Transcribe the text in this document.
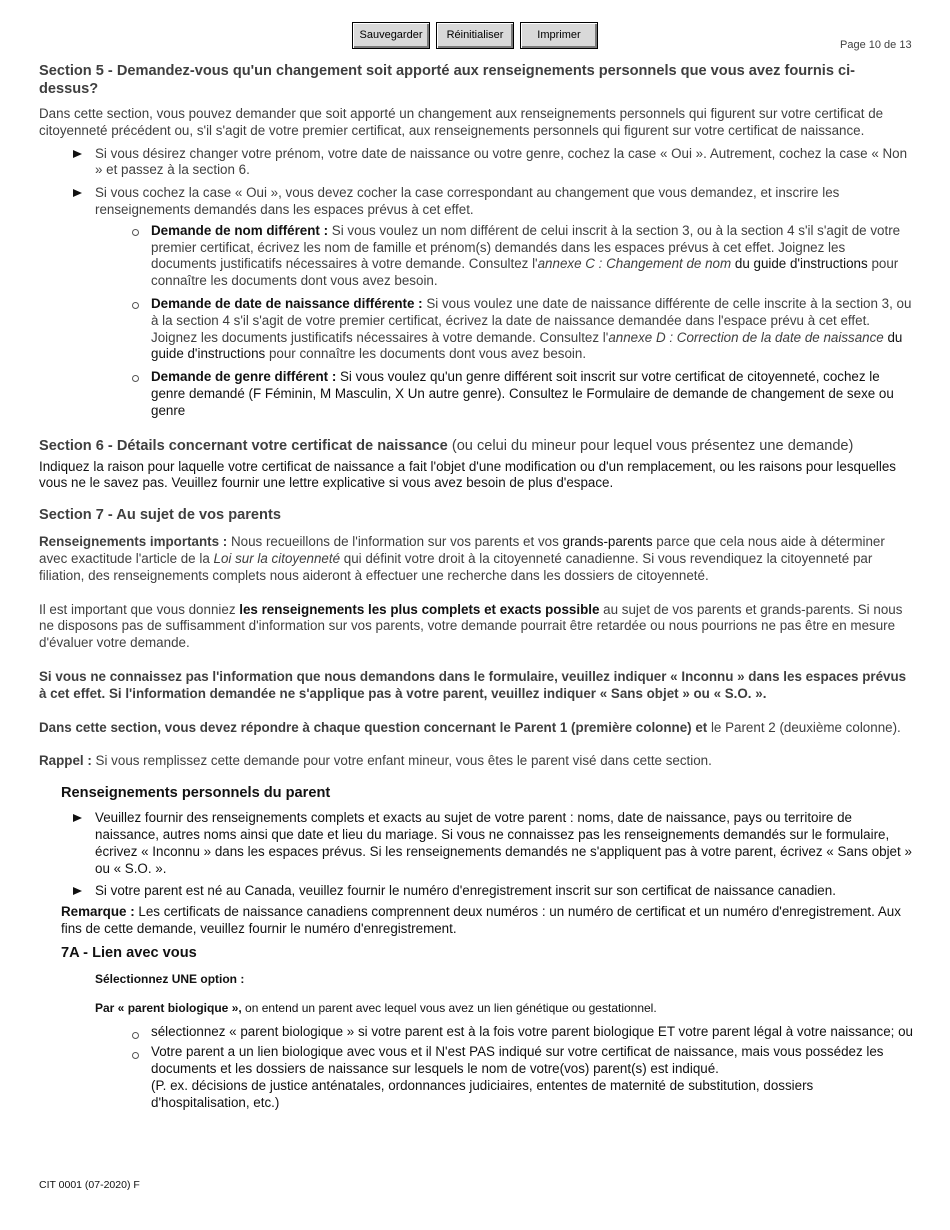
Sauvegarder	Réinitialiser	Imprimer
Page 10 de 13
Section 5 - Demandez-vous qu'un changement soit apporté aux renseignements personnels que vous avez fournis ci-dessus?

Dans cette section, vous pouvez demander que soit apporté un changement aux renseignements personnels qui figurent sur votre certificat de citoyenneté précédent ou, s'il s'agit de votre premier certificat, aux renseignements personnels qui figurent sur votre certificat de naissance.

Si vous désirez changer votre prénom, votre date de naissance ou votre genre, cochez la case « Oui ». Autrement, cochez la case « Non » et passez à la section 6.
Si vous cochez la case « Oui », vous devez cocher la case correspondant au changement que vous demandez, et inscrire les renseignements demandés dans les espaces prévus à cet effet.
Demande de nom différent : Si vous voulez un nom différent de celui inscrit à la section 3, ou à la section 4 s'il s'agit de votre premier certificat, écrivez les nom de famille et prénom(s) demandés dans les espaces prévus à cet effet. Joignez les documents justificatifs nécessaires à votre demande. Consultez l'annexe C : Changement de nom du guide d'instructions pour connaître les documents dont vous avez besoin.
Demande de date de naissance différente : Si vous voulez une date de naissance différente de celle inscrite à la section 3, ou à la section 4 s'il s'agit de votre premier certificat, écrivez la date de naissance demandée dans l'espace prévu à cet effet. Joignez les documents justificatifs nécessaires à votre demande. Consultez l'annexe D : Correction de la date de naissance du guide d'instructions pour connaître les documents dont vous avez besoin.
Demande de genre différent : Si vous voulez qu'un genre différent soit inscrit sur votre certificat de citoyenneté, cochez le genre demandé (F Féminin, M Masculin, X Un autre genre). Consultez le Formulaire de demande de changement de sexe ou genre
Section 6 - Détails concernant votre certificat de naissance (ou celui du mineur pour lequel vous présentez une demande)

Indiquez la raison pour laquelle votre certificat de naissance a fait l'objet d'une modification ou d'un remplacement, ou les raisons pour lesquelles vous ne le savez pas. Veuillez fournir une lettre explicative si vous avez besoin de plus d'espace.

Section 7 - Au sujet de vos parents

Renseignements importants : Nous recueillons de l'information sur vos parents et vos grands-parents parce que cela nous aide à déterminer avec exactitude l'article de la Loi sur la citoyenneté qui définit votre droit à la citoyenneté canadienne. Si vous revendiquez la citoyenneté par filiation, des renseignements complets nous aideront à effectuer une recherche dans les dossiers de citoyenneté.

Il est important que vous donniez les renseignements les plus complets et exacts possible au sujet de vos parents et grands-parents. Si nous ne disposons pas de suffisamment d'information sur vos parents, votre demande pourrait être retardée ou nous pourrions ne pas être en mesure d'évaluer votre demande.

Si vous ne connaissez pas l'information que nous demandons dans le formulaire, veuillez indiquer « Inconnu » dans les espaces prévus à cet effet. Si l'information demandée ne s'applique pas à votre parent, veuillez indiquer « Sans objet » ou « S.O. ».

Dans cette section, vous devez répondre à chaque question concernant le Parent 1 (première colonne) et le Parent 2 (deuxième colonne).

Rappel : Si vous remplissez cette demande pour votre enfant mineur, vous êtes le parent visé dans cette section.

Renseignements personnels du parent
Veuillez fournir des renseignements complets et exacts au sujet de votre parent : noms, date de naissance, pays ou territoire de naissance, autres noms ainsi que date et lieu du mariage. Si vous ne connaissez pas les renseignements demandés sur le formulaire, écrivez « Inconnu » dans les espaces prévus. Si les renseignements demandés ne s'appliquent pas à votre parent, écrivez « Sans objet » ou « S.O. ».
Si votre parent est né au Canada, veuillez fournir le numéro d'enregistrement inscrit sur son certificat de naissance canadien.

Remarque : Les certificats de naissance canadiens comprennent deux numéros : un numéro de certificat et un numéro d'enregistrement. Aux fins de cette demande, veuillez fournir le numéro d'enregistrement.

7A - Lien avec vous

Sélectionnez UNE option :

Par « parent biologique », on entend un parent avec lequel vous avez un lien génétique ou gestationnel.

sélectionnez « parent biologique » si votre parent est à la fois votre parent biologique ET votre parent légal à votre naissance; ou
Votre parent a un lien biologique avec vous et il N'est PAS indiqué sur votre certificat de naissance, mais vous possédez les documents et les dossiers de naissance sur lesquels le nom de votre(vos) parent(s) est indiqué.
(P. ex. décisions de justice anténatales, ordonnances judiciaires, ententes de maternité de substitution, dossiers d'hospitalisation, etc.)
CIT 0001 (07-2020) F
